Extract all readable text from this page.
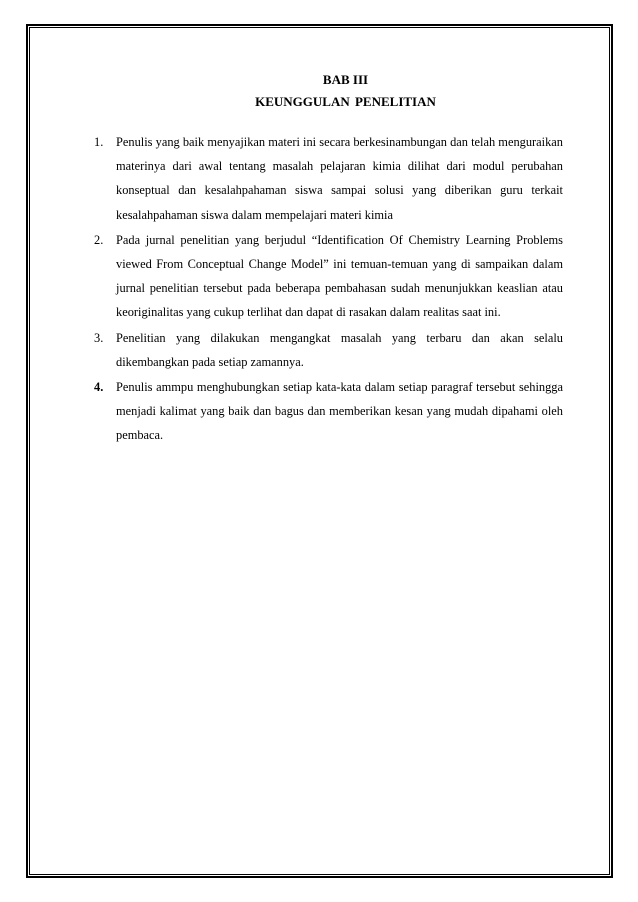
BAB III
KEUNGGULAN PENELITIAN
1. Penulis yang baik menyajikan materi ini secara berkesinambungan dan telah menguraikan materinya dari awal tentang masalah pelajaran kimia dilihat dari modul perubahan konseptual dan kesalahpahaman siswa sampai solusi yang diberikan guru terkait kesalahpahaman siswa dalam mempelajari materi kimia
2. Pada jurnal penelitian yang berjudul “Identification Of Chemistry Learning Problems viewed From Conceptual Change Model” ini temuan-temuan yang di sampaikan dalam jurnal penelitian tersebut pada beberapa pembahasan sudah menunjukkan keaslian atau keoriginalitas yang cukup terlihat dan dapat di rasakan dalam realitas saat ini.
3. Penelitian yang dilakukan mengangkat masalah yang terbaru dan akan selalu dikembangkan pada setiap zamannya.
4. Penulis ammpu menghubungkan setiap kata-kata dalam setiap paragraf tersebut sehingga menjadi kalimat yang baik dan bagus dan memberikan kesan yang mudah dipahami oleh pembaca.
